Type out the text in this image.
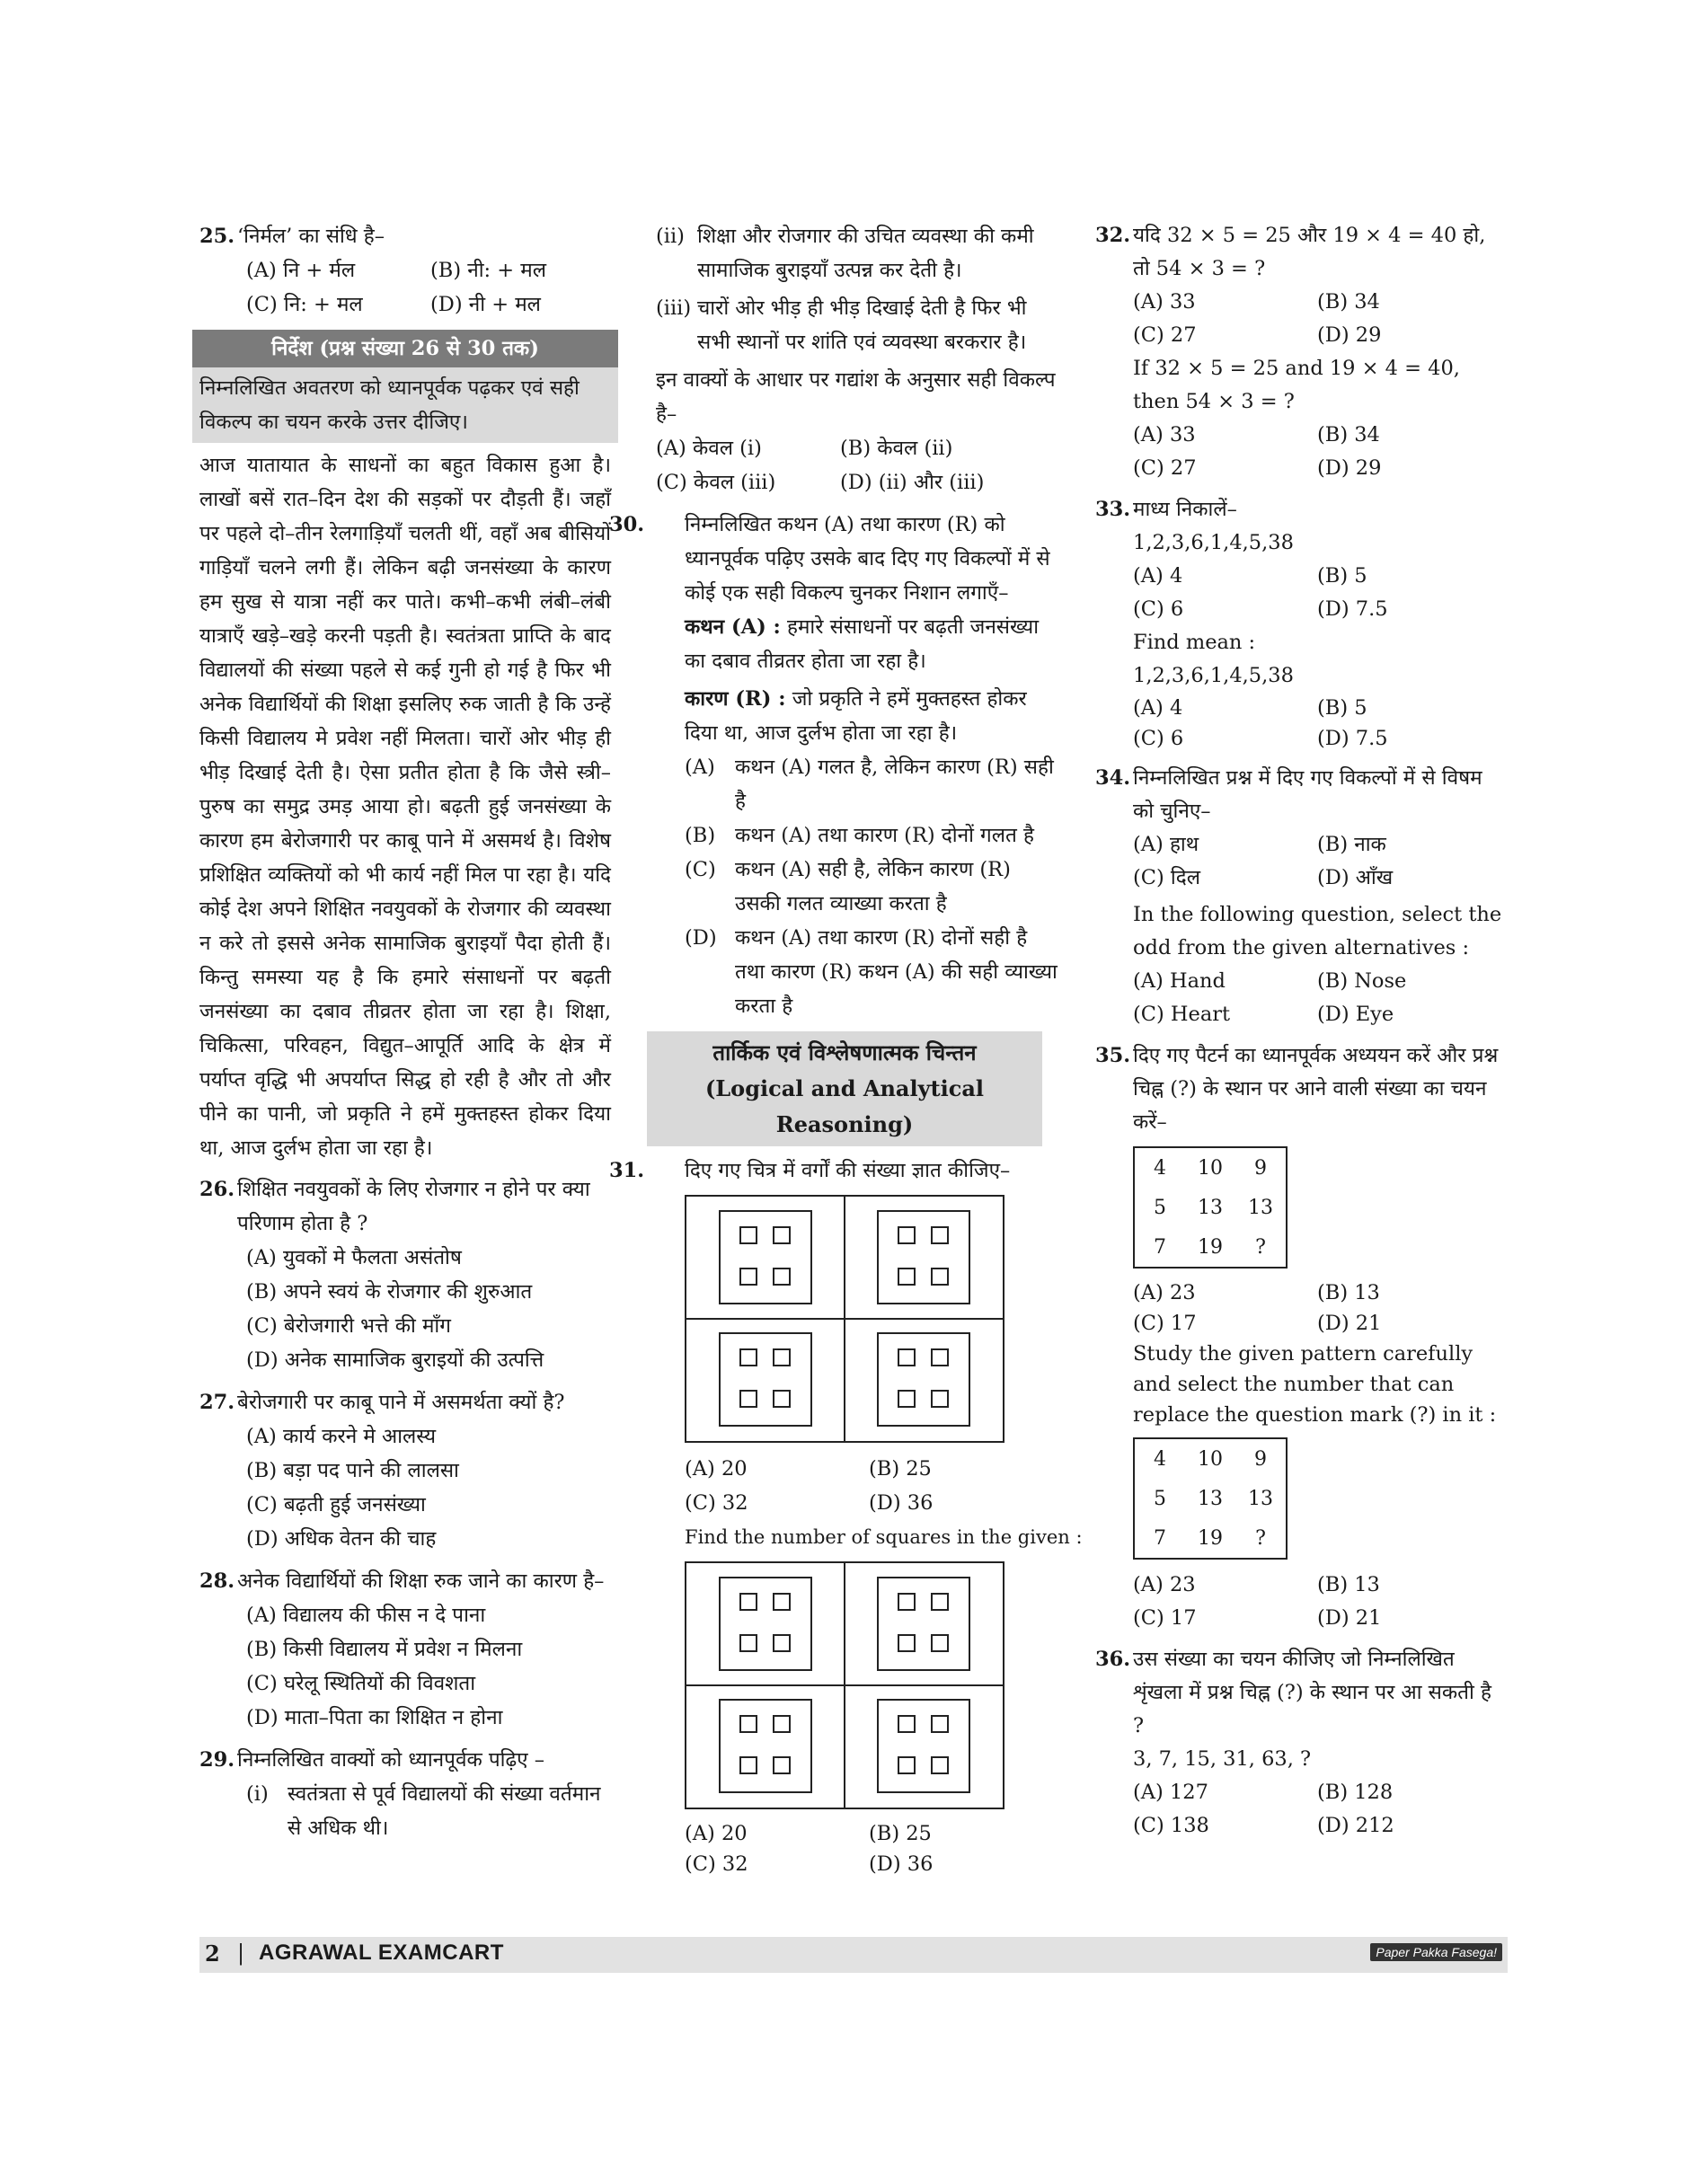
25. ‘निर्मल’ का संधि है–
(A) नि + र्मल	(B) नी: + मल
(C) नि: + मल	(D) नी + मल
निर्देश (प्रश्न संख्या 26 से 30 तक)
निम्नलिखित अवतरण को ध्यानपूर्वक पढ़कर एवं सही विकल्प का चयन करके उत्तर दीजिए।
आज यातायात के साधनों का बहुत विकास हुआ है। लाखों बसें रात–दिन देश की सड़कों पर दौड़ती हैं। जहाँ पर पहले दो–तीन रेलगाड़ियाँ चलती थीं, वहाँ अब बीसियों गाड़ियाँ चलने लगी हैं। लेकिन बढ़ी जनसंख्या के कारण हम सुख से यात्रा नहीं कर पाते। कभी–कभी लंबी–लंबी यात्राएँ खड़े–खड़े करनी पड़ती है। स्वतंत्रता प्राप्ति के बाद विद्यालयों की संख्या पहले से कई गुनी हो गई है फिर भी अनेक विद्यार्थियों की शिक्षा इसलिए रुक जाती है कि उन्हें किसी विद्यालय मे प्रवेश नहीं मिलता। चारों ओर भीड़ ही भीड़ दिखाई देती है। ऐसा प्रतीत होता है कि जैसे स्त्री–पुरुष का समुद्र उमड़ आया हो। बढ़ती हुई जनसंख्या के कारण हम बेरोजगारी पर काबू पाने में असमर्थ है। विशेष प्रशिक्षित व्यक्तियों को भी कार्य नहीं मिल पा रहा है। यदि कोई देश अपने शिक्षित नवयुवकों के रोजगार की व्यवस्था न करे तो इससे अनेक सामाजिक बुराइयाँ पैदा होती हैं। किन्तु समस्या यह है कि हमारे संसाधनों पर बढ़ती जनसंख्या का दबाव तीव्रतर होता जा रहा है। शिक्षा, चिकित्सा, परिवहन, विद्युत–आपूर्ति आदि के क्षेत्र में पर्याप्त वृद्धि भी अपर्याप्त सिद्ध हो रही है और तो और पीने का पानी, जो प्रकृति ने हमें मुक्तहस्त होकर दिया था, आज दुर्लभ होता जा रहा है।
26. शिक्षित नवयुवकों के लिए रोजगार न होने पर क्या परिणाम होता है ?
(A) युवकों मे फैलता असंतोष
(B) अपने स्वयं के रोजगार की शुरुआत
(C) बेरोजगारी भत्ते की माँग
(D) अनेक सामाजिक बुराइयों की उत्पत्ति
27. बेरोजगारी पर काबू पाने में असमर्थता क्यों है?
(A) कार्य करने मे आलस्य
(B) बड़ा पद पाने की लालसा
(C) बढ़ती हुई जनसंख्या
(D) अधिक वेतन की चाह
28. अनेक विद्यार्थियों की शिक्षा रुक जाने का कारण है–
(A) विद्यालय की फीस न दे पाना
(B) किसी विद्यालय में प्रवेश न मिलना
(C) घरेलू स्थितियों की विवशता
(D) माता–पिता का शिक्षित न होना
29. निम्नलिखित वाक्यों को ध्यानपूर्वक पढ़िए –
(i) स्वतंत्रता से पूर्व विद्यालयों की संख्या वर्तमान से अधिक थी।
(ii) शिक्षा और रोजगार की उचित व्यवस्था की कमी सामाजिक बुराइयाँ उत्पन्न कर देती है।
(iii) चारों ओर भीड़ ही भीड़ दिखाई देती है फिर भी सभी स्थानों पर शांति एवं व्यवस्था बरकरार है।
इन वाक्यों के आधार पर गद्यांश के अनुसार सही विकल्प है–
(A) केवल (i)	(B) केवल (ii)
(C) केवल (iii)	(D) (ii) और (iii)
30. निम्नलिखित कथन (A) तथा कारण (R) को ध्यानपूर्वक पढ़िए उसके बाद दिए गए विकल्पों में से कोई एक सही विकल्प चुनकर निशान लगाएँ–
कथन (A) : हमारे संसाधनों पर बढ़ती जनसंख्या का दबाव तीव्रतर होता जा रहा है।
कारण (R) : जो प्रकृति ने हमें मुक्तहस्त होकर दिया था, आज दुर्लभ होता जा रहा है।
(A) कथन (A) गलत है, लेकिन कारण (R) सही है
(B) कथन (A) तथा कारण (R) दोनों गलत है
(C) कथन (A) सही है, लेकिन कारण (R) उसकी गलत व्याख्या करता है
(D) कथन (A) तथा कारण (R) दोनों सही है तथा कारण (R) कथन (A) की सही व्याख्या करता है
तार्किक एवं विश्लेषणात्मक चिन्तन
(Logical and Analytical Reasoning)
31. दिए गए चित्र में वर्गों की संख्या ज्ञात कीजिए–
(A) 20	(B) 25
(C) 32	(D) 36
Find the number of squares in the given :
(A) 20	(B) 25
(C) 32	(D) 36
32. यदि 32 × 5 = 25 और 19 × 4 = 40 हो, तो 54 × 3 = ?
(A) 33	(B) 34
(C) 27	(D) 29
If 32 × 5 = 25 and 19 × 4 = 40, then 54 × 3 = ?
(A) 33	(B) 34
(C) 27	(D) 29
33. माध्य निकालें–
1,2,3,6,1,4,5,38
(A) 4	(B) 5
(C) 6	(D) 7.5
Find mean :
1,2,3,6,1,4,5,38
(A) 4	(B) 5
(C) 6	(D) 7.5
34. निम्नलिखित प्रश्न में दिए गए विकल्पों में से विषम को चुनिए–
(A) हाथ	(B) नाक
(C) दिल	(D) आँख
In the following question, select the odd from the given alternatives :
(A) Hand	(B) Nose
(C) Heart	(D) Eye
35. दिए गए पैटर्न का ध्यानपूर्वक अध्ययन करें और प्रश्न चिह्न (?) के स्थान पर आने वाली संख्या का चयन करें–
4	10	9
5	13	13
7	19	?
(A) 23	(B) 13
(C) 17	(D) 21
Study the given pattern carefully and select the number that can replace the question mark (?) in it :
4	10	9
5	13	13
7	19	?
(A) 23	(B) 13
(C) 17	(D) 21
36. उस संख्या का चयन कीजिए जो निम्नलिखित शृंखला में प्रश्न चिह्न (?) के स्थान पर आ सकती है ?
3, 7, 15, 31, 63, ?
(A) 127	(B) 128
(C) 138	(D) 212
2 | AGRAWAL EXAMCART	Paper Pakka Fasega!
